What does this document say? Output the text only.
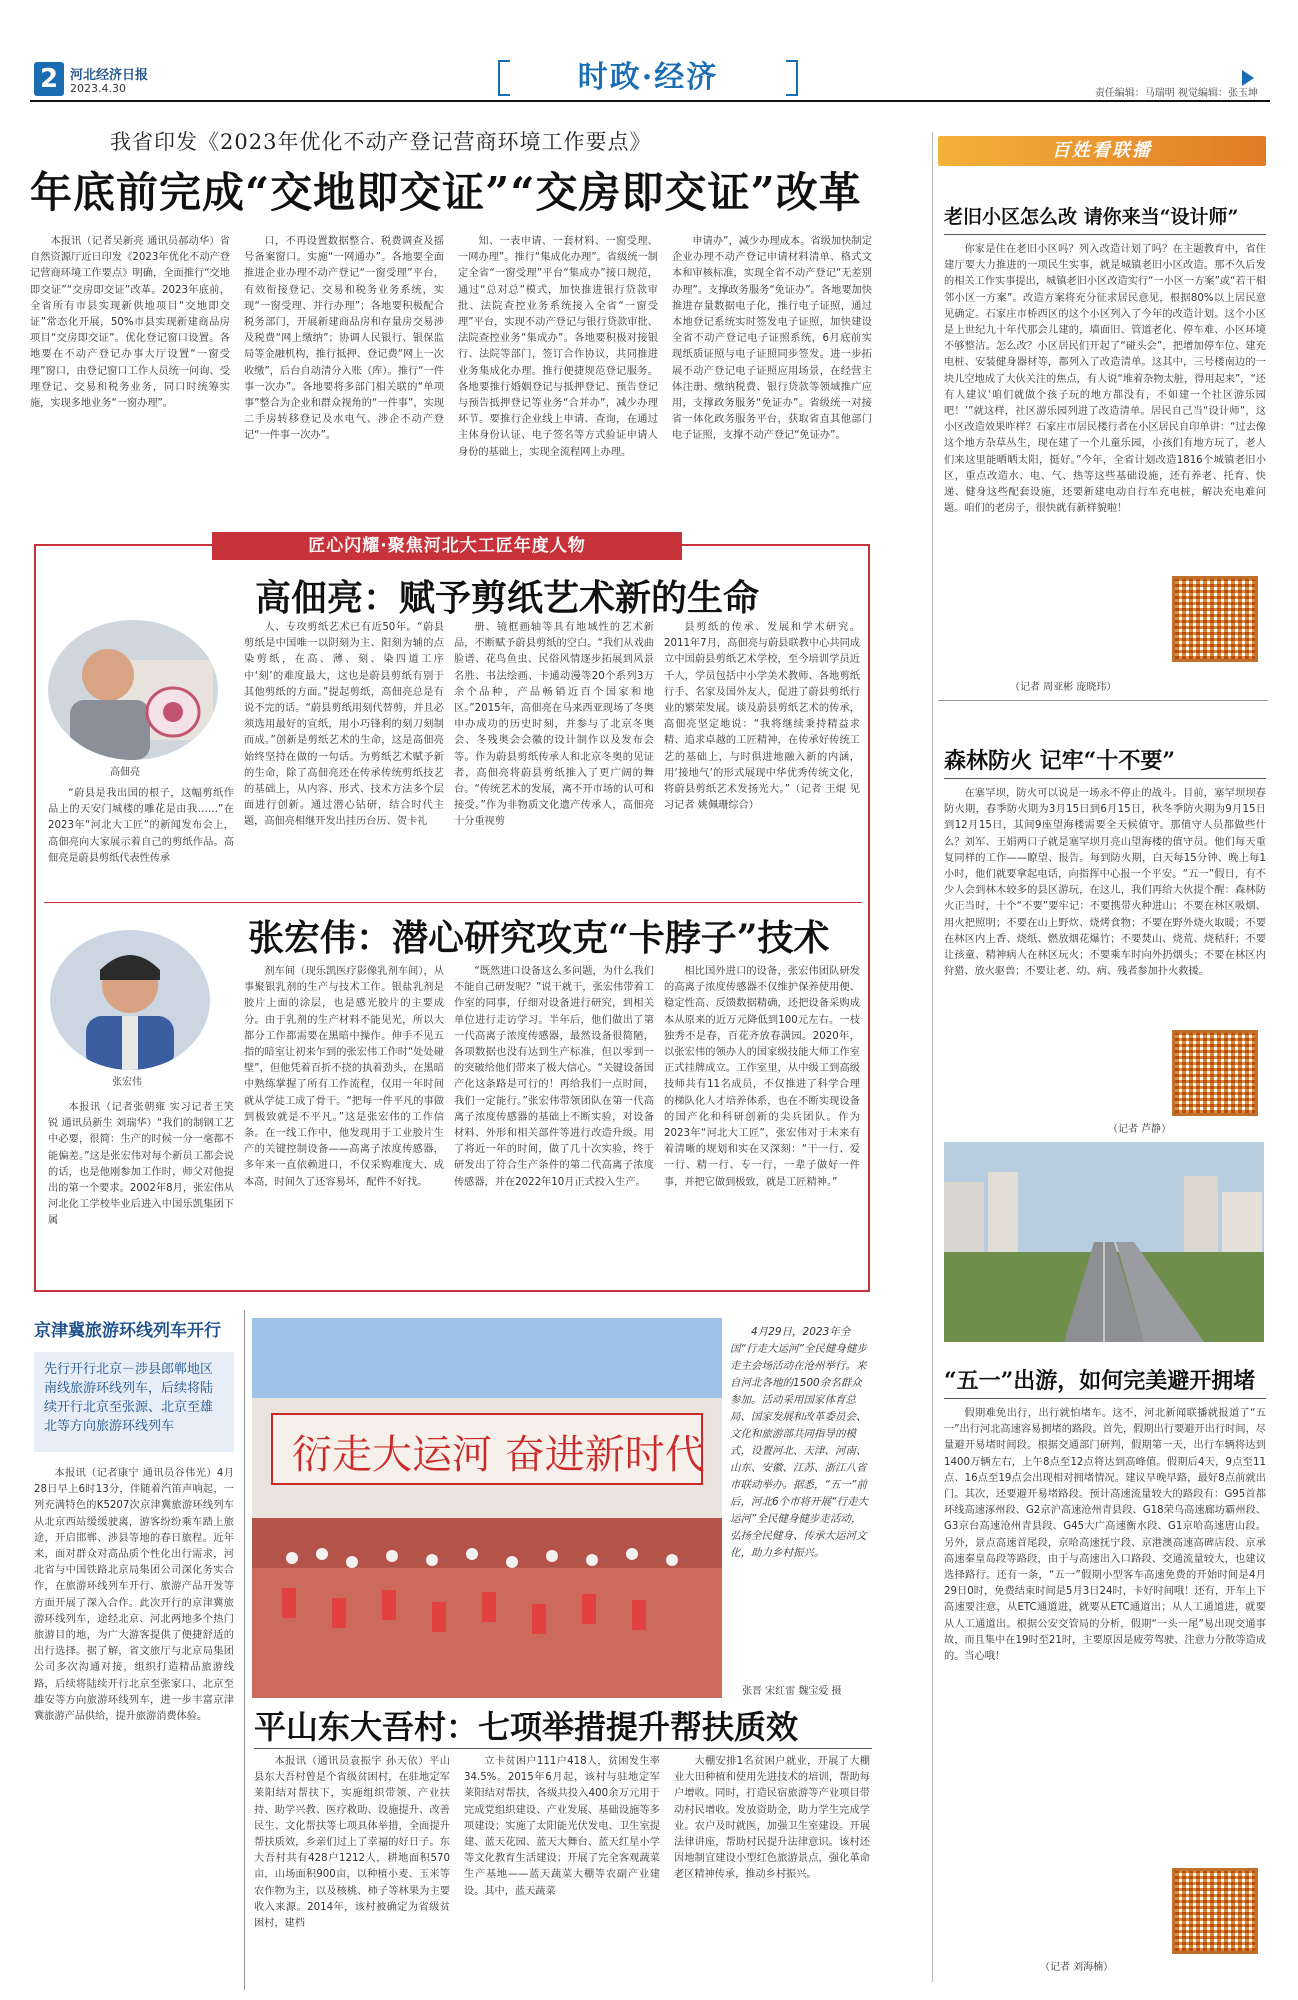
2 河北经济日报
2023.4.30	时政·经济	责任编辑：马瑞明 视觉编辑：张玉坤
我省印发《2023年优化不动产登记营商环境工作要点》
年底前完成“交地即交证”“交房即交证”改革

本报讯（记者吴新亮 通讯员郝动华）省自然资源厅近日印发《2023年优化不动产登记营商环境工作要点》明确，全面推行“交地即交证”“交房即交证”改革。2023年底前，全省所有市县实现新供地项目“交地即交证”常态化开展，50%市县实现新建商品房项目“交房即交证”。优化登记窗口设置。各地要在不动产登记办事大厅设置“一窗受理”窗口，由登记窗口工作人员统一问询、受理登记、交易和税务业务，同口时统筹实施，实现多地业务“一窗办理”。

口，不再设置数据整合、税费调查及摇号备案窗口。实施“一网通办”。各地要全面推进企业办理不动产登记“一窗受理”平台，有效衔接登记、交易和税务业务系统，实现“一窗受理、并行办理”；各地要积极配合税务部门，开展新建商品房和存量房交易涉及税费“网上缴纳”；协调人民银行、银保监局等金融机构，推行抵押、登记费“网上一次收缴”，后台自动清分入账（库）。推行“一件事一次办”。各地要将多部门相关联的“单项事”整合为企业和群众视角的“一件事”，实现二手房转移登记及水电气、涉企不动产登记“一件事一次办”。

知、一表申请、一套材料、一窗受理、一网办理”。推行“集成化办理”。省级统一制定全省“一窗受理”平台“集成办”接口规范，通过“总对总”模式，加快推进银行贷款审批、法院查控业务系统接入全省“一窗受理”平台，实现不动产登记与银行贷款审批、法院查控业务“集成办”。各地要积极对接银行、法院等部门，签订合作协议，共同推进业务集成化办理。推行便捷规范登记服务。各地要推行婚姻登记与抵押登记、预告登记与预告抵押登记等业务“合并办”，减少办理环节。要推行企业线上申请、查询，在通过主体身份认证、电子签名等方式验证申请人身份的基础上，实现全流程网上办理。

申请办”，减少办理成本。省级加快制定企业办理不动产登记申请材料清单、格式文本和审核标准，实现全省不动产登记“无差别办理”。支撑政务服务“免证办”。各地要加快推进存量数据电子化，推行电子证照，通过本地登记系统实时签发电子证照，加快建设全省不动产登记电子证照系统，6月底前实现纸质证照与电子证照同步签发。进一步拓展不动产登记电子证照应用场景，在经营主体注册、缴纳税费、银行贷款等领域推广应用，支撑政务服务“免证办”。省级统一对接省一体化政务服务平台，获取省直其他部门电子证照，支撑不动产登记“免证办”。

匠心闪耀·聚焦河北大工匠年度人物
高佃亮：赋予剪纸艺术新的生命
高佃亮

“蔚县是我出国的根子，这幅剪纸作品上的天安门城楼的雕花是由我……”在2023年“河北大工匠”的新闻发布会上，高佃亮向大家展示着自己的剪纸作品。高佃亮是蔚县剪纸代表性传承

人、专攻剪纸艺术已有近50年。“蔚县剪纸是中国唯一以阴刻为主、阳刻为辅的点染剪纸，在高、薄、刻、染四道工序中‘刻’的难度最大，这也是蔚县剪纸有别于其他剪纸的方面。”提起剪纸，高佃亮总是有说不完的话。“蔚县剪纸用刻代替剪，并且必须选用最好的宣纸，用小巧锋利的刻刀刻制而成。”创新是剪纸艺术的生命，这是高佃亮始终坚持在做的一句话。为剪纸艺术赋予新的生命，除了高佃亮还在传承传统剪纸技艺的基础上，从内容、形式、技术方法多个层面进行创新。通过潜心钻研，结合时代主题，高佃亮相继开发出挂历台历、贺卡礼

册、镜框画轴等具有地域性的艺术新品，不断赋予蔚县剪纸的空白。“我们从戏曲脸谱、花鸟鱼虫、民俗风情逐步拓展到风景名胜、书法绘画、卡通动漫等20个系列3万余个品种，产品畅销近百个国家和地区。”2015年，高佃亮在马来西亚现场了冬奥申办成功的历史时刻，并参与了北京冬奥会、冬残奥会会徽的设计制作以及发布会等。作为蔚县剪纸传承人和北京冬奥的见证者，高佃亮将蔚县剪纸推入了更广阔的舞台。“传统艺术的发展，离不开市场的认可和接受。”作为非物质文化遗产传承人，高佃亮十分重视剪

县剪纸的传承、发展和学术研究。2011年7月，高佃亮与蔚县联教中心共同成立中国蔚县剪纸艺术学校，至今培训学员近千人，学员包括中小学美术教师、各地剪纸行手、名家及国外友人，促进了蔚县剪纸行业的繁荣发展。谈及蔚县剪纸艺术的传承，高佃亮坚定地说：“我将继续秉持精益求精、追求卓越的工匠精神，在传承好传统工艺的基础上，与时俱进地融入新的内涵，用‘接地气’的形式展现中华优秀传统文化，将蔚县剪纸艺术发扬光大。”（记者 王焜 见习记者 姚佩珊综合）

张宏伟：潜心研究攻克“卡脖子”技术
张宏伟

本报讯（记者张朝雍 实习记者王笑锐 通讯员新生 刘瑞华）“我们的制钢工艺中必要，很简：生产的时候一分一毫都不能偏差。”这是张宏伟对每个新员工都会说的话，也是他刚参加工作时，师父对他提出的第一个要求。2002年8月，张宏伟从河北化工学校毕业后进入中国乐凯集团下属

剂车间（现乐凯医疗影像乳剂车间），从事聚银乳剂的生产与技术工作。银盐乳剂是胶片上面的涂层，也是感光胶片的主要成分。由于乳剂的生产材料不能见光，所以大都分工作都需要在黑暗中操作。伸手不见五指的暗室让初来乍到的张宏伟工作时“处处碰壁”，但他凭着百折不挠的执着劲头，在黑暗中熟练掌握了所有工作流程，仅用一年时间就从学徒工成了骨干。“把每一件平凡的事做到极致就是不平凡。”这是张宏伟的工作信条。在一线工作中，他发现用于工业胶片生产的关键控制设备——高离子浓度传感器，多年来一直依赖进口，不仅采购难度大、成本高，时间久了还容易坏，配件不好找。

“既然进口设备这么多问题，为什么我们不能自己研发呢？”说干就干，张宏伟带着工作室的同事，仔细对设备进行研究，到相关单位进行走访学习。半年后，他们做出了第一代高离子浓度传感器，最然设备很简陋，各项数据也没有达到生产标准，但以零到一的突破给他们带来了极大信心。“关键设备国产化这条路是可行的！再给我们一点时间，我们一定能行。”张宏伟带领团队在第一代高离子浓度传感器的基础上不断实验，对设备材料、外形和相关部件等进行改造升级。用了将近一年的时间，做了几十次实验，终于研发出了符合生产条件的第二代高离子浓度传感器，并在2022年10月正式投入生产。

相比国外进口的设备，张宏伟团队研发的高离子浓度传感器不仅维护保养使用便、稳定性高、反馈数据精确，还把设备采购成本从原来的近万元降低到100元左右。一枝独秀不是春，百花齐放春满园。2020年，以张宏伟的领办人的国家级技能大师工作室正式挂牌成立。工作室里，从中级工到高级技师共有11名成员，不仅推进了科学合理的梯队化人才培养体系，也在不断实现设备的国产化和科研创新的尖兵团队。作为2023年“河北大工匠”，张宏伟对于未来有着清晰的规划和实在又深刻：“干一行、爱一行、精一行、专一行，一辈子做好一件事，并把它做到极致，就是工匠精神。”

百姓看联播
老旧小区怎么改 请你来当“设计师”

你家是住在老旧小区吗？列入改造计划了吗？在主题教育中，省住建厅要大力推进的一项民生实事，就是城镇老旧小区改造。那不久后发的相关工作实事提出，城镇老旧小区改造实行“一小区一方案”或“若干相邻小区一方案”。改造方案将充分征求居民意见，根据80%以上居民意见确定。石家庄市桥西区的这个小区列入了今年的改造计划。这个小区是上世纪九十年代那会儿建的，墙面旧、管道老化、停车难、小区环境不够整洁。怎么改？小区居民们开起了“碰头会”，把增加停车位、建充电桩、安装健身器材等，都列入了改造清单。这其中，三号楼南边的一块儿空地成了大伙关注的焦点，有人说“堆着杂物太脏，得用起来”，“还有人建议‘咱们就做个孩子玩的地方都没有，不如建一个社区游乐园吧！’”就这样，社区游乐园列进了改造清单。居民自己当“设计师”，这小区改造效果咋样？石家庄市居民楼行者在小区居民自印单讲：“过去像这个地方杂草丛生，现在建了一个儿童乐园，小孩们有地方玩了，老人们来这里能晒晒太阳，挺好。”今年，全省计划改造1816个城镇老旧小区，重点改造水、电、气、热等这些基础设施，还有养老、托育、快递、健身这些配套设施，还要新建电动自行车充电桩，解决充电难问题。咱们的老房子，很快就有新样貌啦！

（记者 周亚彬 庞晓玮）
森林防火 记牢“十不要”

在塞罕坝，防火可以说是一场永不停止的战斗。目前，塞罕坝坝春防火期，春季防火期为3月15日到6月15日，秋冬季防火期为9月15日到12月15日，其间9座望海楼需要全天候值守。那值守人员都做些什么？刘军、王娟两口子就是塞罕坝月亮山望海楼的值守员。他们每天重复同样的工作——瞭望、报告。每到防火期，白天每15分钟、晚上每1小时，他们就要拿起电话，向指挥中心报一个平安。“五一”假日，有不少人会到林木较多的县区游玩，在这儿，我们再给大伙提个醒：森林防火正当时，十个“不要”要牢记：不要携带火种进山；不要在林区吸烟、用火把照明；不要在山上野炊、烧烤食物；不要在野外烧火取暖；不要在林区内上香、烧纸、燃放烟花爆竹；不要焚山、烧荒、烧秸秆；不要让孩童、精神病人在林区玩火；不要乘车时向外扔烟头；不要在林区内狩猎、放火驱兽；不要让老、幼、病、残者参加扑火救援。

（记者 芦静）
“五一”出游，如何完美避开拥堵

假期难免出行，出行就怕堵车。这不，河北新闻联播就报道了“五一”出行河北高速容易拥堵的路段。首先，假期出行要避开出行时间，尽量避开易堵时间段。根据交通部门研判，假期第一天，出行车辆将达到1400万辆左右，上午8点至12点将达到高峰值。假期后4天，9点至11点、16点至19点会出现相对拥堵情况。建议早晚早路，最好8点前就出门。其次，还要避开易堵路段。预计高速流量较大的路段有：G95首都环线高速涿州段、G2京沪高速沧州青县段、G18荣乌高速廊坊霸州段、G3京台高速沧州青县段、G45大广高速衡水段、G1京哈高速唐山段。另外，景点高速首尾段，京哈高速抚宁段、京港澳高速高碑店段、京承高速秦皇岛段等路段，由于与高速出入口路段、交通流量较大，也建议选择路行。还有一条，“五一”假期小型客车高速免费的开始时间是4月29日0时，免费结束时间是5月3日24时，卡好时间哦！还有，开车上下高速要注意，从ETC通道进，就要从ETC通道出；从人工通道进，就要从人工通道出。根据公安交管局的分析，假期“一头一尾”易出现交通事故，而且集中在19时至21时，主要原因是疲劳驾驶、注意力分散等造成的。当心哦！

（记者 刘海楠）
京津冀旅游环线列车开行
先行开行北京－涉县郎郸地区南线旅游环线列车，后续将陆续开行北京至张源、北京至雄北等方向旅游环线列车

本报讯（记者康宁 通讯员谷伟光）4月28日早上6时13分，伴随着汽笛声响起，一列充满特色的K5207次京津冀旅游环线列车从北京西站缓缓驶离，游客纷纷乘车踏上旅途，开启邯郸、涉县等地的春日旅程。近年来，面对群众对高品质个性化出行需求，河北省与中国铁路北京局集团公司深化务实合作，在旅游环线列车开行、旅游产品开发等方面开展了深入合作。此次开行的京津冀旅游环线列车，途经北京、河北两地多个热门旅游目的地，为广大游客提供了便捷舒适的出行选择。据了解，省文旅厅与北京局集团公司多次沟通对接，组织打造精品旅游线路，后续将陆续开行北京至张家口、北京至雄安等方向旅游环线列车，进一步丰富京津冀旅游产品供给，提升旅游消费体验。

衍走大运河 奋进新时代
4月29日，2023年全国“行走大运河”全民健身健步走主会场活动在沧州举行。来自河北各地的1500余名群众参加。活动采用国家体育总局、国家发展和改革委员会、文化和旅游部共同指导的模式，设置河北、天津、河南、山东、安徽、江苏、浙江八省市联动举办。据悉，“五一”前后，河北6个市将开展“行走大运河”全民健身健步走活动，弘扬全民健身、传承大运河文化，助力乡村振兴。
张晋 宋红雷 魏宝爱 摄
平山东大吾村：七项举措提升帮扶质效

本报讯（通讯员袁振宇 孙天依）平山县东大吾村曾是个省级贫困村，在驻地定军莱阳结对帮扶下，实施组织带领、产业扶持、助学兴教、医疗救助、设施提升、改善民生、文化帮扶等七项具体举措，全面提升帮扶质效，乡亲们过上了幸福的好日子。东大吾村共有428户1212人，耕地面积570亩，山场面积900亩，以种植小麦、玉米等农作物为主，以及核桃、柿子等林果为主要收入来源。2014年，该村被确定为省级贫困村，建档

立卡贫困户111户418人，贫困发生率34.5%。2015年6月起，该村与驻地定军莱阳结对帮扶，各级共投入400余万元用于完成党组织建设、产业发展、基础设施等多项建设；实施了太阳能光伏发电、卫生室提建、蓝天花园、蓝天大舞台、蓝天红星小学等文化教育生活建设；开展了完全客观蔬菜生产基地——蓝天蔬菜大棚等农副产业建设。其中，蓝天蔬菜

大棚安排1名贫困户就业，开展了大棚业大田种植和使用先进技术的培训，帮助每户增收。同时，打造民宿旅游等产业项目带动村民增收。发放资助金，助力学生完成学业。农户及时就医，加强卫生室建设。开展法律讲座，帮助村民提升法律意识。该村还因地制宜建设小型红色旅游景点，强化革命老区精神传承，推动乡村振兴。
